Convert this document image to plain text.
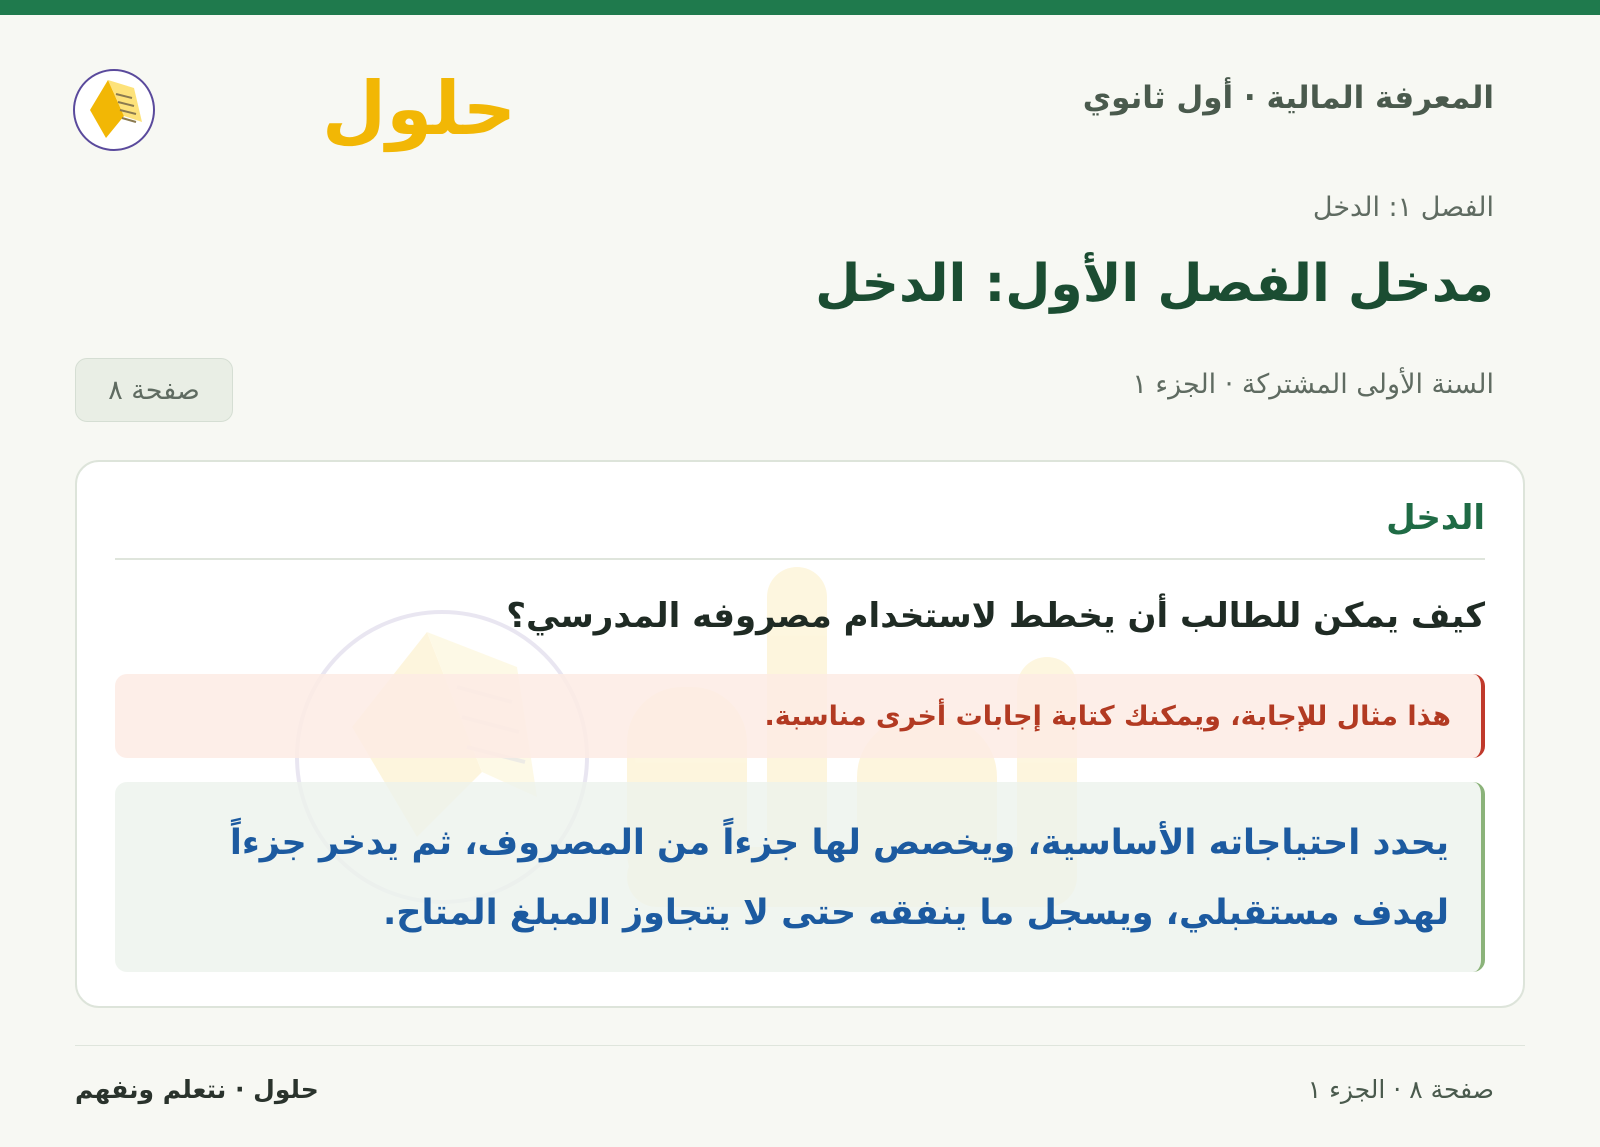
المعرفة المالية · أول ثانوي
حلول
الفصل ١: الدخل
مدخل الفصل الأول: الدخل
السنة الأولى المشتركة · الجزء ١
صفحة ٨
الدخل
كيف يمكن للطالب أن يخطط لاستخدام مصروفه المدرسي؟
هذا مثال للإجابة، ويمكنك كتابة إجابات أخرى مناسبة.
يحدد احتياجاته الأساسية، ويخصص لها جزءاً من المصروف، ثم يدخر جزءاً لهدف مستقبلي، ويسجل ما ينفقه حتى لا يتجاوز المبلغ المتاح.
صفحة ٨ · الجزء ١
حلول · نتعلم ونفهم
